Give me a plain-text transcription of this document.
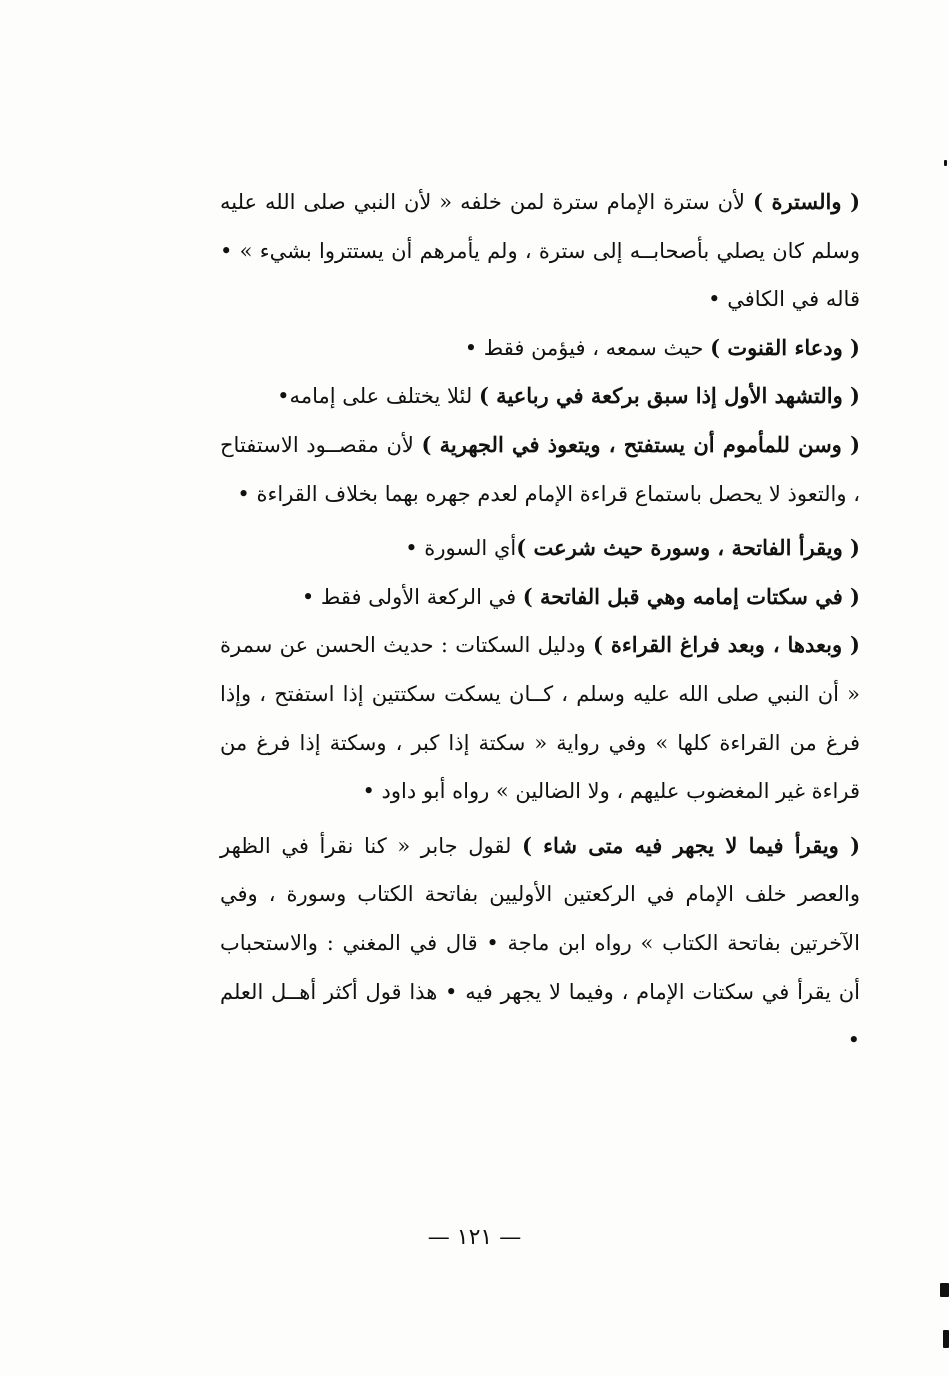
( والسترة ) لأن سترة الإمام سترة لمن خلفه « لأن النبي صلى الله عليه وسلم كان يصلي بأصحابــه إلى سترة ، ولم يأمرهم أن يستتروا بشيء » • قاله في الكافي •

( ودعاء القنوت ) حيث سمعه ، فيؤمن فقط •

( والتشهد الأول إذا سبق بركعة في رباعية ) لئلا يختلف على إمامه•

( وسن للمأموم أن يستفتح ، ويتعوذ في الجهرية ) لأن مقصــود الاستفتاح ، والتعوذ لا يحصل باستماع قراءة الإمام لعدم جهره بهما بخلاف القراءة •

( ويقرأ الفاتحة ، وسورة حيث شرعت )أي السورة •

( في سكتات إمامه وهي قبل الفاتحة ) في الركعة الأولى فقط •

( وبعدها ، وبعد فراغ القراءة ) ودليل السكتات : حديث الحسن عن سمرة « أن النبي صلى الله عليه وسلم ، كــان يسكت سكتتين إذا استفتح ، وإذا فرغ من القراءة كلها » وفي رواية « سكتة إذا كبر ، وسكتة إذا فرغ من قراءة غير المغضوب عليهم ، ولا الضالين » رواه أبو داود •

( ويقرأ فيما لا يجهر فيه متى شاء ) لقول جابر « كنا نقرأ في الظهر والعصر خلف الإمام في الركعتين الأوليين بفاتحة الكتاب وسورة ، وفي الآخرتين بفاتحة الكتاب » رواه ابن ماجة • قال في المغني : والاستحباب أن يقرأ في سكتات الإمام ، وفيما لا يجهر فيه • هذا قول أكثر أهــل العلم •

— ١٢١ —
